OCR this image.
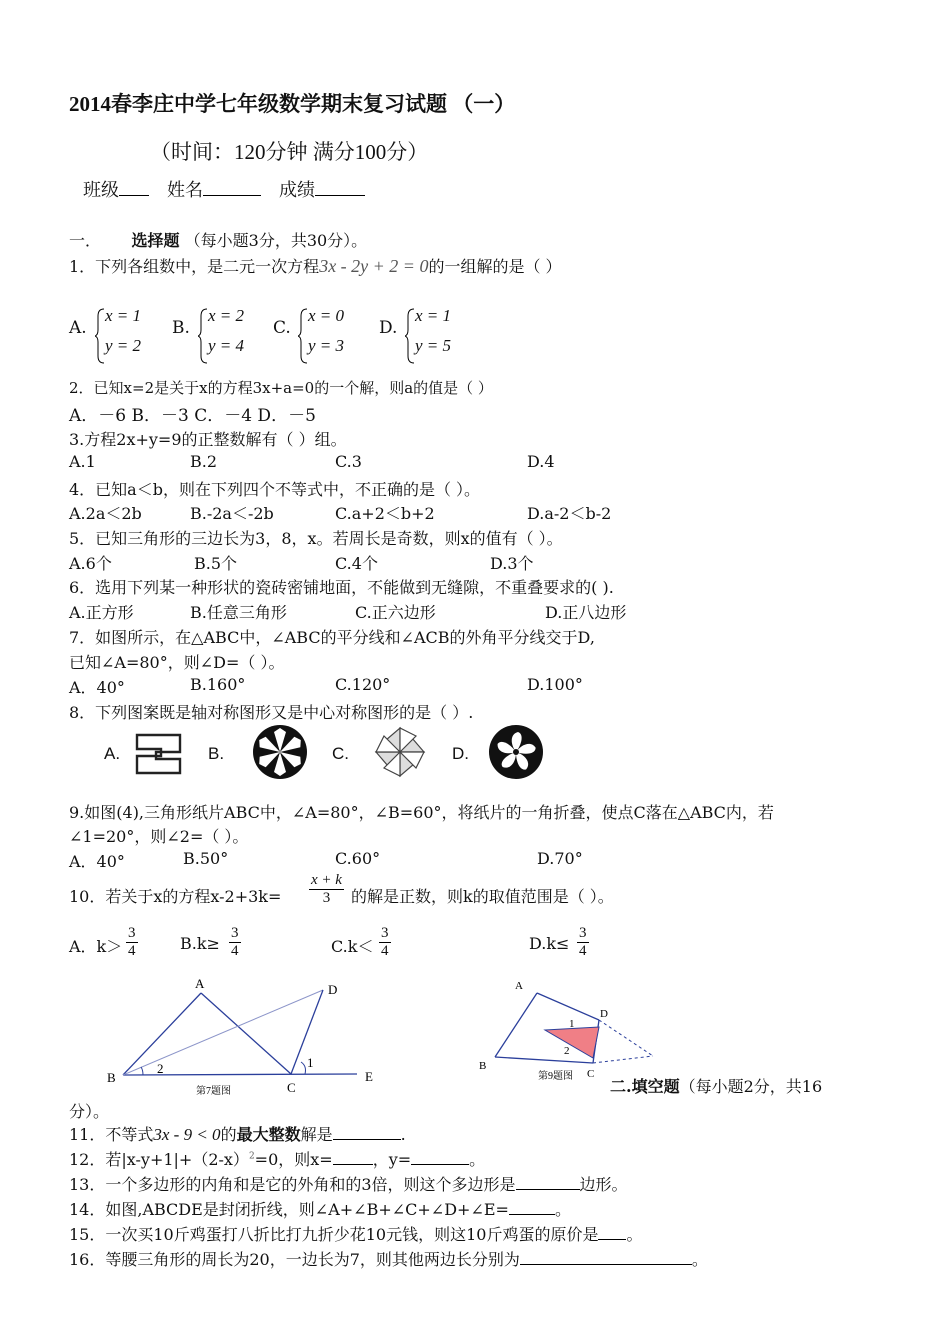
2014春李庄中学七年级数学期末复习试题 （一）
（时间：120分钟 满分100分）
班级	姓名	成绩
一． 选择题 （每小题3分，共30分）。
1．下列各组数中，是二元一次方程3x - 2y + 2 = 0的一组解的是（ ）
A.
x = 1
y = 2
B.
x = 2
y = 4
C.
x = 0
y = 3
D.
x = 1
y = 5
2．已知x=2是关于x的方程3x+a=0的一个解，则a的值是（ ）
A．－6 B．－3 C．－4 D．－5
3.方程2x+y=9的正整数解有（ ）组。
A.1	B.2	C.3	D.4
4．已知a＜b，则在下列四个不等式中，不正确的是（ ）。
A.2a＜2b	B.-2a＜-2b	C.a+2＜b+2	D.a-2＜b-2
5．已知三角形的三边长为3，8，x。若周长是奇数，则x的值有（ ）。
A.6个	B.5个	C.4个	D.3个
6．选用下列某一种形状的瓷砖密铺地面，不能做到无缝隙，不重叠要求的( ).
A.正方形	B.任意三角形	C.正六边形	D.正八边形
7．如图所示，在△ABC中，∠ABC的平分线和∠ACB的外角平分线交于D,
已知∠A=80°，则∠D=（ ）。
A．40°	B.160°	C.120°	D.100°
8．下列图案既是轴对称图形又是中心对称图形的是（ ）.
A.	B.	C.	D.
9.如图(4),三角形纸片ABC中，∠A=80°，∠B=60°，将纸片的一角折叠，使点C落在△ABC内，若
∠1=20°，则∠2=（ ）。
A．40°	B.50°	C.60°	D.70°
10．若关于x的方程$x-2+3k= \frac{x + k}{3}$ 的解是正数，则k的取值范围是（ ）。
A．$k> \frac{3}{4}$	$B.k\ge \frac{3}{4}$	$C.k< \frac{3}{4}$	$D.k\le \frac{3}{4}$
A
B
C
D
E
1
2
第7题图
A
B
C
D
1
2
第9题图
二.填空题（每小题2分，共16
分）。
11．不等式3x - 9 < 0的最大整数解是	.
12．若$|x-y+1|+(2-x)^2=0$，则x=	，y=	。
13．一个多边形的内角和是它的外角和的3倍，则这个多边形是	边形。
14．如图,ABCDE是封闭折线，则∠A+∠B+∠C+∠D+∠E=	。
15．一次买10斤鸡蛋打八折比打九折少花10元钱，则这10斤鸡蛋的原价是 。
16．等腰三角形的周长为20，一边长为7，则其他两边长分别为	。
